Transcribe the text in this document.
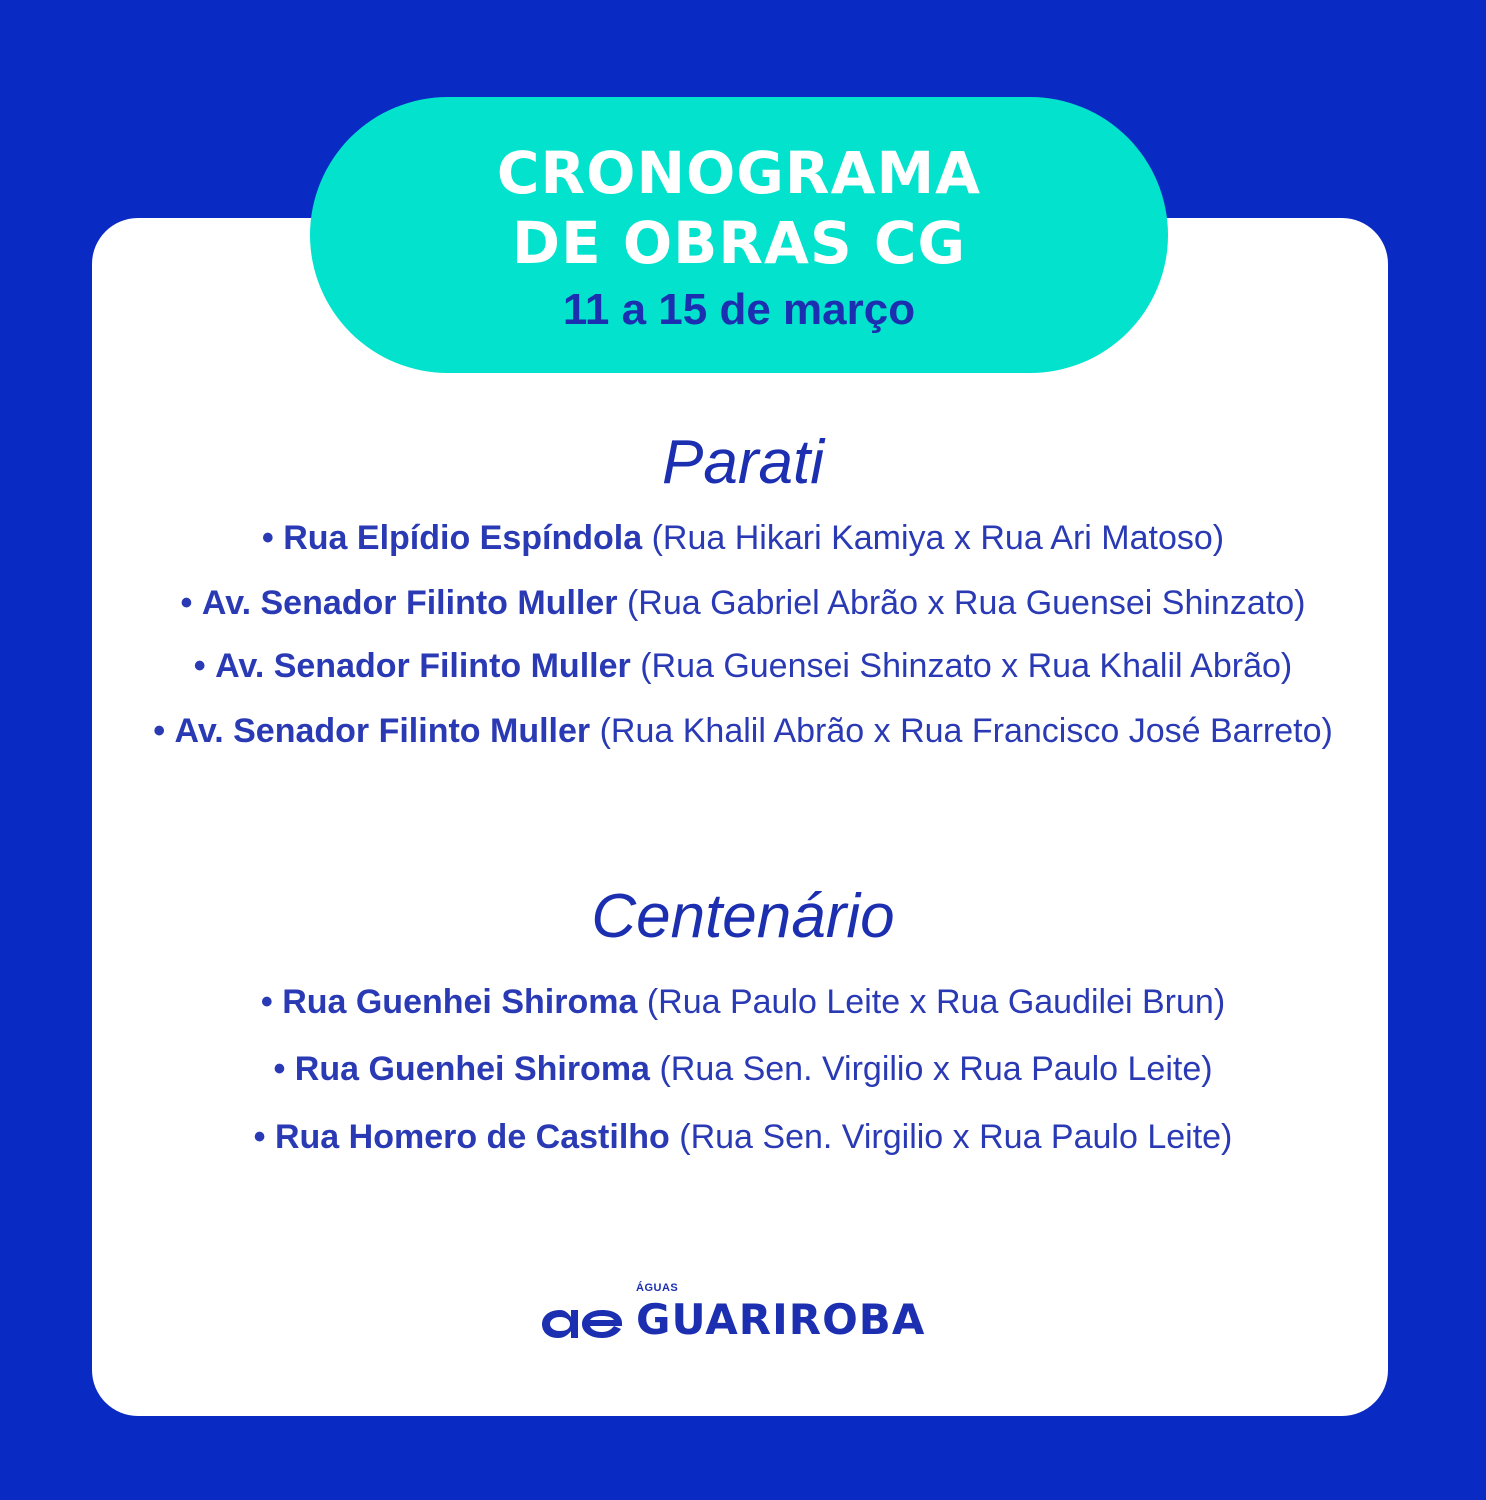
CRONOGRAMA
DE OBRAS CG
11 a 15 de março
Parati
• Rua Elpídio Espíndola (Rua Hikari Kamiya x Rua Ari Matoso)
• Av. Senador Filinto Muller (Rua Gabriel Abrão x Rua Guensei Shinzato)
• Av. Senador Filinto Muller (Rua Guensei Shinzato x Rua Khalil Abrão)
• Av. Senador Filinto Muller (Rua Khalil Abrão x Rua Francisco José Barreto)
Centenário
• Rua Guenhei Shiroma (Rua Paulo Leite x Rua Gaudilei Brun)
• Rua Guenhei Shiroma (Rua Sen. Virgilio x Rua Paulo Leite)
• Rua Homero de Castilho (Rua Sen. Virgilio x Rua Paulo Leite)
ÁGUAS
GUARIROBA
